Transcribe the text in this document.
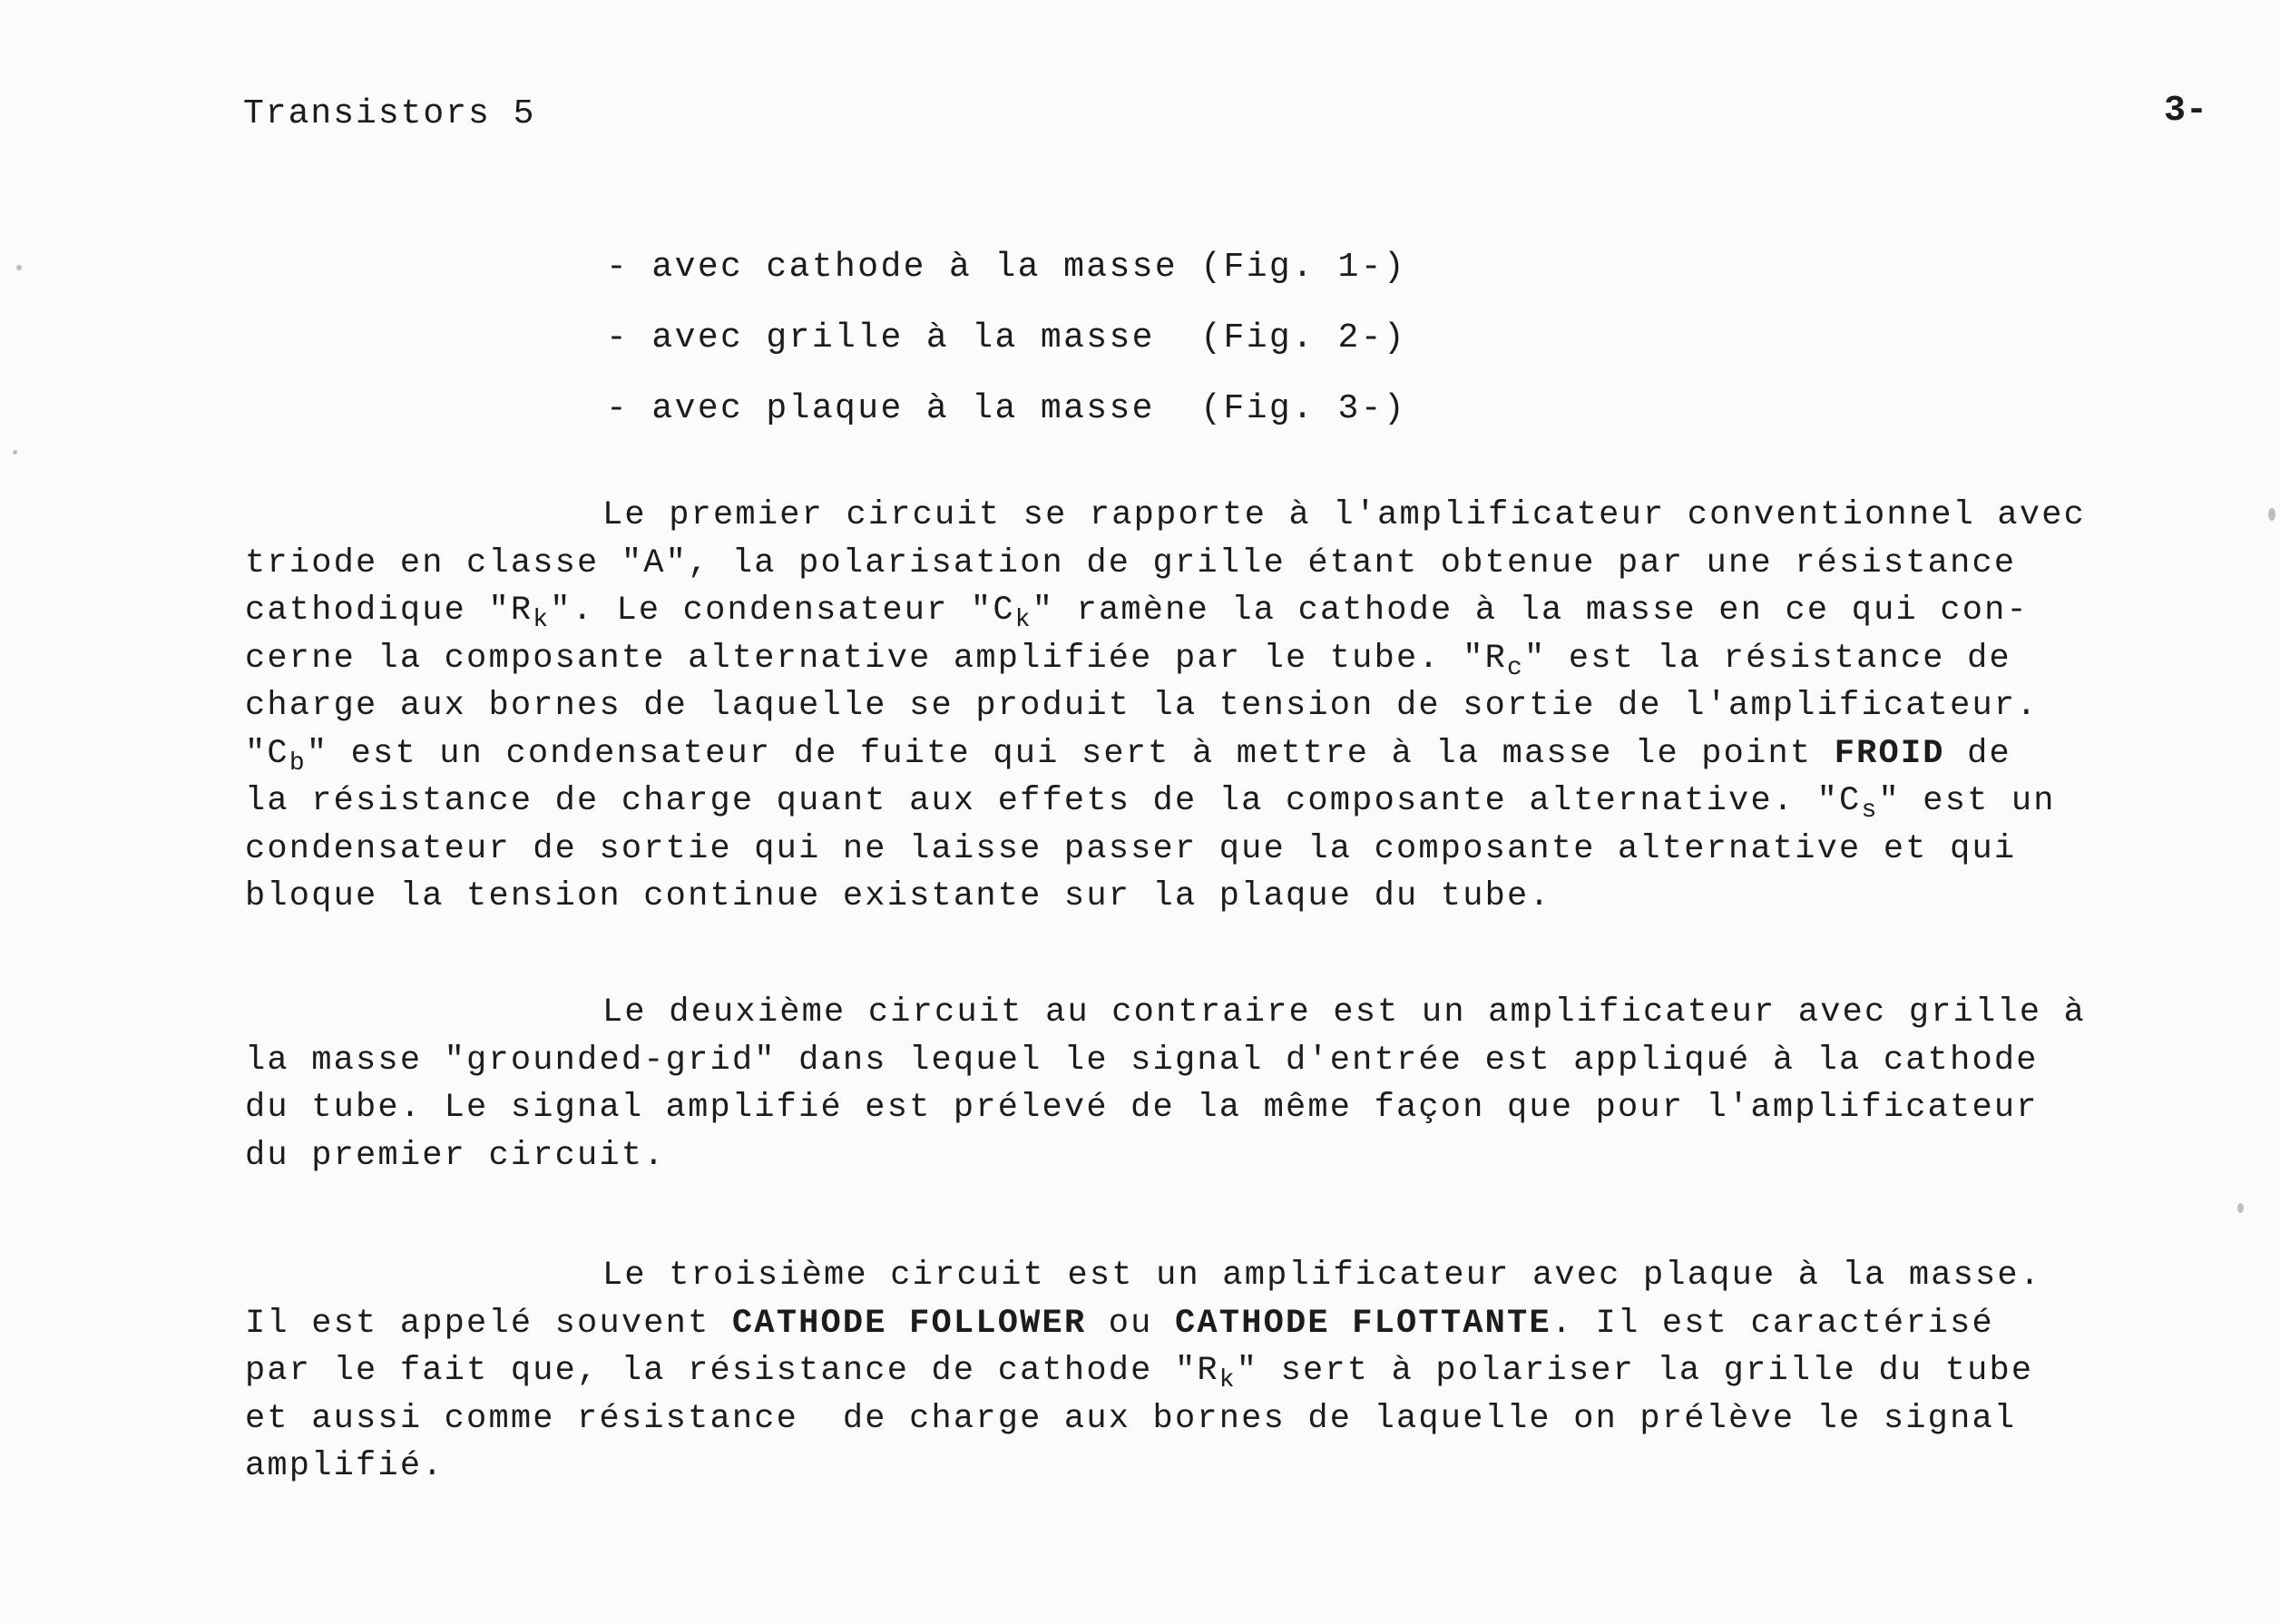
Transistors 5	3-
- avec cathode à la masse (Fig. 1-)
- avec grille à la masse  (Fig. 2-)
- avec plaque à la masse  (Fig. 3-)
Le premier circuit se rapporte à l'amplificateur conventionnel avec
triode en classe "A", la polarisation de grille étant obtenue par une résistance
cathodique "$R_k$". Le condensateur "$C_k$" ramène la cathode à la masse en ce qui con-
cerne la composante alternative amplifiée par le tube. "$R_c$" est la résistance de
charge aux bornes de laquelle se produit la tension de sortie de l'amplificateur.
"$C_b$" est un condensateur de fuite qui sert à mettre à la masse le point FROID de
la résistance de charge quant aux effets de la composante alternative. "$C_s$" est un
condensateur de sortie qui ne laisse passer que la composante alternative et qui
bloque la tension continue existante sur la plaque du tube.
Le deuxième circuit au contraire est un amplificateur avec grille à
la masse "grounded-grid" dans lequel le signal d'entrée est appliqué à la cathode
du tube. Le signal amplifié est prélevé de la même façon que pour l'amplificateur
du premier circuit.
Le troisième circuit est un amplificateur avec plaque à la masse.
Il est appelé souvent CATHODE FOLLOWER ou CATHODE FLOTTANTE. Il est caractérisé
par le fait que, la résistance de cathode "$R_k$" sert à polariser la grille du tube
et aussi comme résistance  de charge aux bornes de laquelle on prélève le signal
amplifié.
